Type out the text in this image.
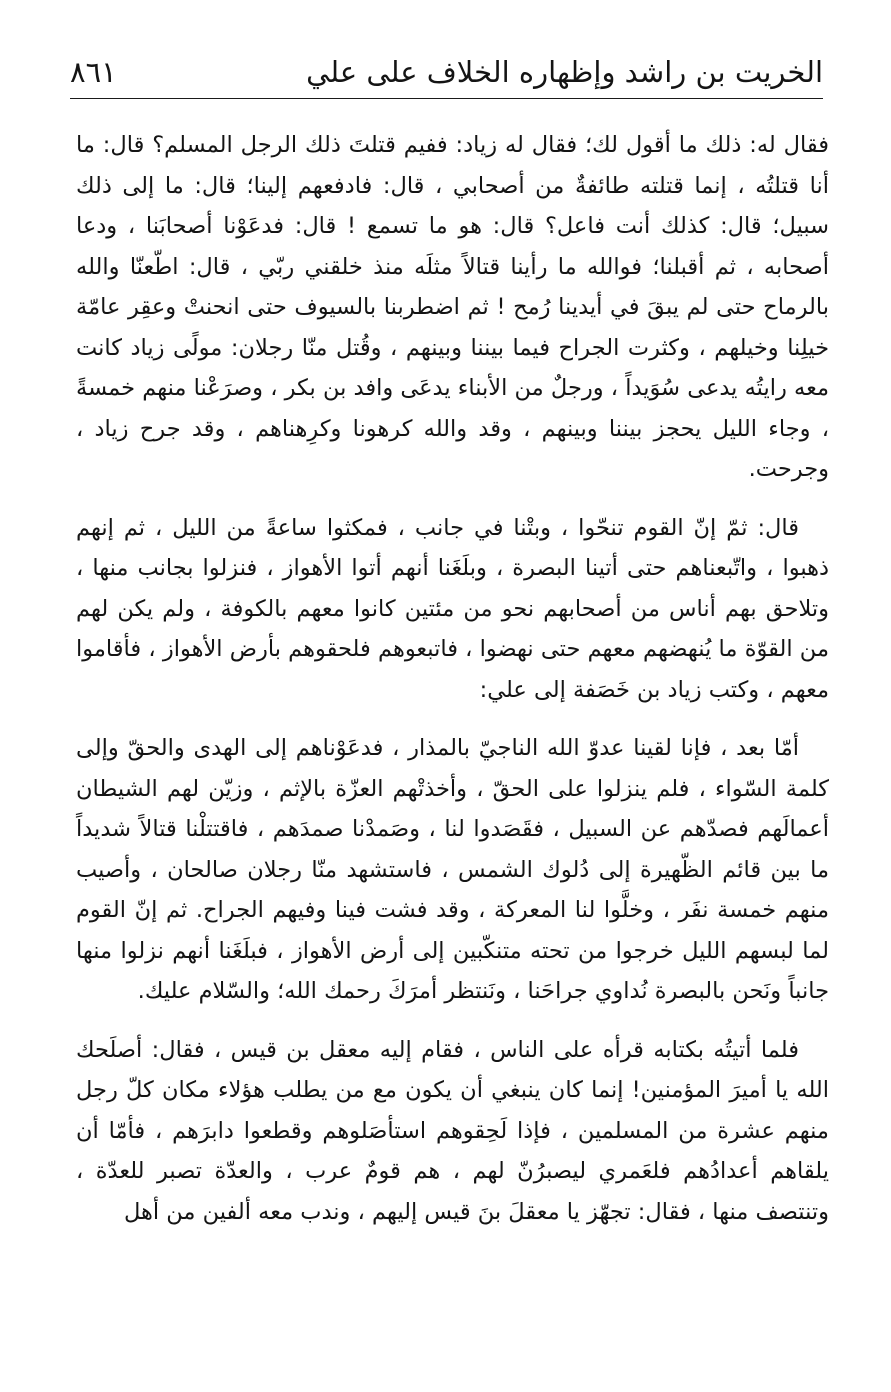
الخريت بن راشد وإظهاره الخلاف على علي
٨٦١

فقال له: ذلك ما أقول لك؛ فقال له زياد: ففيم قتلتَ ذلك الرجل المسلم؟ قال: ما أنا قتلتُه ، إنما قتلته طائفةٌ من أصحابي ، قال: فادفعهم إلينا؛ قال: ما إلى ذلك سبيل؛ قال: كذلك أنت فاعل؟ قال: هو ما تسمع ! قال: فدعَوْنا أصحابَنا ، ودعا أصحابه ، ثم أقبلنا؛ فوالله ما رأينا قتالاً مثلَه منذ خلقني ربّي ، قال: اطّعنّا والله بالرماح حتى لم يبقَ في أيدينا رُمح ! ثم اضطربنا بالسيوف حتى انحنتْ وعقِر عامّة خيلِنا وخيلهم ، وكثرت الجراح فيما بيننا وبينهم ، وقُتل منّا رجلان: مولًى زياد كانت معه رايتُه يدعى سُوَيداً ، ورجلٌ من الأبناء يدعَى وافد بن بكر ، وصرَعْنا منهم خمسةً ، وجاء الليل يحجز بيننا وبينهم ، وقد والله كرهونا وكرِهناهم ، وقد جرح زياد ، وجرحت.

قال: ثمّ إنّ القوم تنحّوا ، وبتْنا في جانب ، فمكثوا ساعةً من الليل ، ثم إنهم ذهبوا ، واتّبعناهم حتى أتينا البصرة ، وبلَغَنا أنهم أتوا الأهواز ، فنزلوا بجانب منها ، وتلاحق بهم أناس من أصحابهم نحو من مئتين كانوا معهم بالكوفة ، ولم يكن لهم من القوّة ما يُنهضهم معهم حتى نهضوا ، فاتبعوهم فلحقوهم بأرض الأهواز ، فأقاموا معهم ، وكتب زياد بن خَصَفة إلى علي:

أمّا بعد ، فإنا لقينا عدوّ الله الناجيّ بالمذار ، فدعَوْناهم إلى الهدى والحقّ وإلى كلمة السّواء ، فلم ينزلوا على الحقّ ، وأخذتْهم العزّة بالإثم ، وزيّن لهم الشيطان أعمالَهم فصدّهم عن السبيل ، فقَصَدوا لنا ، وصَمدْنا صمدَهم ، فاقتتلْنا قتالاً شديداً ما بين قائم الظّهيرة إلى دُلوك الشمس ، فاستشهد منّا رجلان صالحان ، وأصيب منهم خمسة نفَر ، وخلَّوا لنا المعركة ، وقد فشت فينا وفيهم الجراح. ثم إنّ القوم لما لبسهم الليل خرجوا من تحته متنكّبين إلى أرض الأهواز ، فبلَغَنا أنهم نزلوا منها جانباً ونَحن بالبصرة نُداوي جراحَنا ، ونَنتظر أمرَكَ رحمك الله؛ والسّلام عليك.

فلما أتيتُه بكتابه قرأه على الناس ، فقام إليه معقل بن قيس ، فقال: أصلَحك الله يا أميرَ المؤمنين! إنما كان ينبغي أن يكون مع من يطلب هؤلاء مكان كلّ رجل منهم عشرة من المسلمين ، فإذا لَحِقوهم استأصَلوهم وقطعوا دابرَهم ، فأمّا أن يلقاهم أعدادُهم فلعَمري ليصبرُنّ لهم ، هم قومٌ عرب ، والعدّة تصبر للعدّة ، وتنتصف منها ، فقال: تجهّز يا معقلَ بنَ قيس إليهم ، وندب معه ألفين من أهل
